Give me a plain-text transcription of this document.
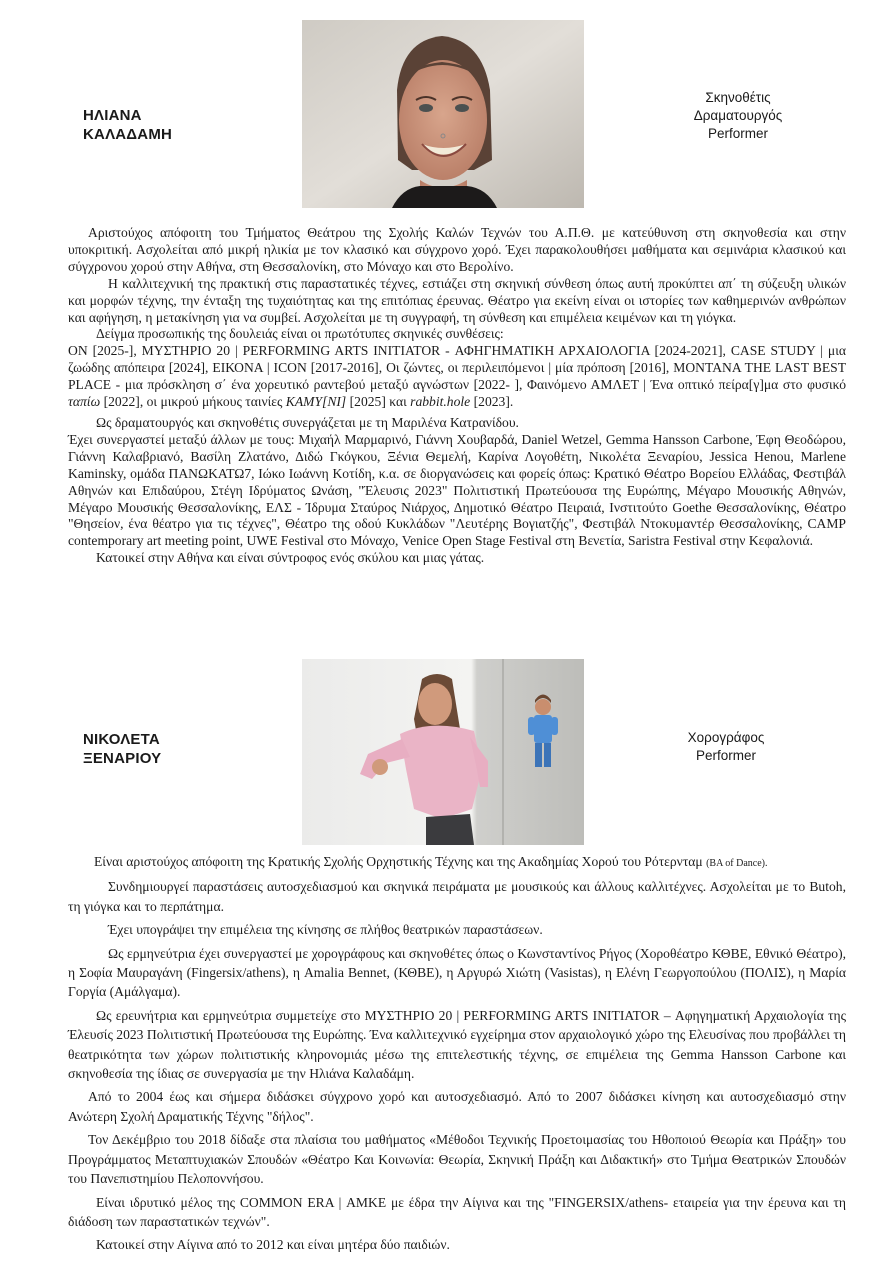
ΗΛΙΑΝΑ
ΚΑΛΑΔΑΜΗ
Σκηνοθέτις
Δραματουργός
Performer

Αριστούχος απόφοιτη του Τμήματος Θεάτρου της Σχολής Καλών Τεχνών του Α.Π.Θ. με κατεύθυνση στη σκηνοθεσία και στην υποκριτική. Ασχολείται από μικρή ηλικία με τον κλασικό και σύγχρονο χορό. Έχει παρακολουθήσει μαθήματα και σεμινάρια κλασικού και σύγχρονου χορού στην Αθήνα, στη Θεσσαλονίκη, στο Μόναχο και στο Βερολίνο.

Η καλλιτεχνική της πρακτική στις παραστατικές τέχνες, εστιάζει στη σκηνική σύνθεση όπως αυτή προκύπτει απ΄ τη σύζευξη υλικών και μορφών τέχνης, την ένταξη της τυχαιότητας και της επιτόπιας έρευνας. Θέατρο για εκείνη είναι οι ιστορίες των καθημερινών ανθρώπων και αφήγηση, η μετακίνηση για να συμβεί. Ασχολείται με τη συγγραφή, τη σύνθεση και επιμέλεια κειμένων και τη γιόγκα.

Δείγμα προσωπικής της δουλειάς είναι οι πρωτότυπες σκηνικές συνθέσεις:

ΟΝ [2025-], ΜΥΣΤΗΡΙΟ 20 | PERFORMING ARTS INITIATOR - ΑΦΗΓΗΜΑΤΙΚΗ ΑΡΧΑΙΟΛΟΓΙΑ [2024-2021], CASE STUDY | μια ζωώδης απόπειρα [2024], ΕΙΚΟΝΑ | ICON [2017-2016], Οι ζώντες, οι περιλειπόμενοι | μία πρόποση [2016], MONTANA THE LAST BEST PLACE - μια πρόσκληση σ΄ ένα χορευτικό ραντεβού μεταξύ αγνώστων [2022- ], Φαινόμενο ΑΜΛΕΤ | Ένα οπτικό πείρα[γ]μα στο φυσικό ταπίω [2022], οι μικρού μήκους ταινίες ΚΑΜΥ[ΝΙ] [2025] και rabbit.hole [2023].

Ως δραματουργός και σκηνοθέτις συνεργάζεται με τη Μαριλένα Κατρανίδου.

Έχει συνεργαστεί μεταξύ άλλων με τους: Μιχαήλ Μαρμαρινό, Γιάννη Χουβαρδά, Daniel Wetzel, Gemma Hansson Carbone, Έφη Θεοδώρου, Γιάννη Καλαβριανό, Βασίλη Ζλατάνο, Διδώ Γκόγκου, Ξένια Θεμελή, Καρίνα Λογοθέτη, Νικολέτα Ξεναρίου, Jessica Henou, Marlene Kaminsky, ομάδα ΠΑΝΩΚΑΤΩ7, Ιώκο Ιωάννη Κοτίδη, κ.α. σε διοργανώσεις και φορείς όπως: Κρατικό Θέατρο Βορείου Ελλάδας, Φεστιβάλ Αθηνών και Επιδαύρου, Στέγη Ιδρύματος Ωνάση, "Έλευσις 2023" Πολιτιστική Πρωτεύουσα της Ευρώπης, Μέγαρο Μουσικής Αθηνών, Μέγαρο Μουσικής Θεσσαλονίκης, ΕΛΣ - Ίδρυμα Σταύρος Νιάρχος, Δημοτικό Θέατρο Πειραιά, Ινστιτούτο Goethe Θεσσαλονίκης, Θέατρο "Θησείον, ένα θέατρο για τις τέχνες", Θέατρο της οδού Κυκλάδων "Λευτέρης Βογιατζής", Φεστιβάλ Ντοκυμαντέρ Θεσσαλονίκης, CAMP contemporary art meeting point, UWE Festival στο Μόναχο, Venice Open Stage Festival στη Βενετία, Saristra Festival στην Κεφαλονιά.

Κατοικεί στην Αθήνα και είναι σύντροφος ενός σκύλου και μιας γάτας.

ΝΙΚΟΛΕΤΑ
ΞΕΝΑΡΙΟΥ
Χορογράφος
Performer

Είναι αριστούχος απόφοιτη της Κρατικής Σχολής Ορχηστικής Τέχνης και της Ακαδημίας Χορού του Ρότερνταμ (BA of Dance).

Συνδημιουργεί παραστάσεις αυτοσχεδιασμού και σκηνικά πειράματα με μουσικούς και άλλους καλλιτέχνες. Ασχολείται με το Butoh, τη γιόγκα και το περπάτημα.

Έχει υπογράψει την επιμέλεια της κίνησης σε πλήθος θεατρικών παραστάσεων.

Ως ερμηνεύτρια έχει συνεργαστεί με χορογράφους και σκηνοθέτες όπως ο Κωνσταντίνος Ρήγος (Χοροθέατρο ΚΘΒΕ, Εθνικό Θέατρο), η Σοφία Μαυραγάνη (Fingersix/athens), η Amalia Bennet, (ΚΘΒΕ), η Αργυρώ Χιώτη (Vasistas), η Ελένη Γεωργοπούλου (ΠΟΛΙΣ), η Μαρία Γοργία (Αμάλγαμα).

Ως ερευνήτρια και ερμηνεύτρια συμμετείχε στο ΜΥΣΤΗΡΙΟ 20 | PERFORMING ARTS INITIATOR – Αφηγηματική Αρχαιολογία της Έλευσίς 2023 Πολιτιστική Πρωτεύουσα της Ευρώπης. Ένα καλλιτεχνικό εγχείρημα στον αρχαιολογικό χώρο της Ελευσίνας που προβάλλει τη θεατρικότητα των χώρων πολιτιστικής κληρονομιάς μέσω της επιτελεστικής τέχνης, σε επιμέλεια της Gemma Hansson Carbone και σκηνοθεσία της ίδιας σε συνεργασία με την Ηλιάνα Καλαδάμη.

Από το 2004 έως και σήμερα διδάσκει σύγχρονο χορό και αυτοσχεδιασμό. Από το 2007 διδάσκει κίνηση και αυτοσχεδιασμό στην Ανώτερη Σχολή Δραματικής Τέχνης "δήλος".

Τον Δεκέμβριο του 2018 δίδαξε στα πλαίσια του μαθήματος «Μέθοδοι Τεχνικής Προετοιμασίας του Ηθοποιού Θεωρία και Πράξη» του Προγράμματος Μεταπτυχιακών Σπουδών «Θέατρο Και Κοινωνία: Θεωρία, Σκηνική Πράξη και Διδακτική» στο Τμήμα Θεατρικών Σπουδών του Πανεπιστημίου Πελοποννήσου.

Είναι ιδρυτικό μέλος της COMMON ERA | ΑΜΚΕ με έδρα την Αίγινα και της "FINGERSIX/athens- εταιρεία για την έρευνα και τη διάδοση των παραστατικών τεχνών".

Κατοικεί στην Αίγινα από το 2012 και είναι μητέρα δύο παιδιών.
